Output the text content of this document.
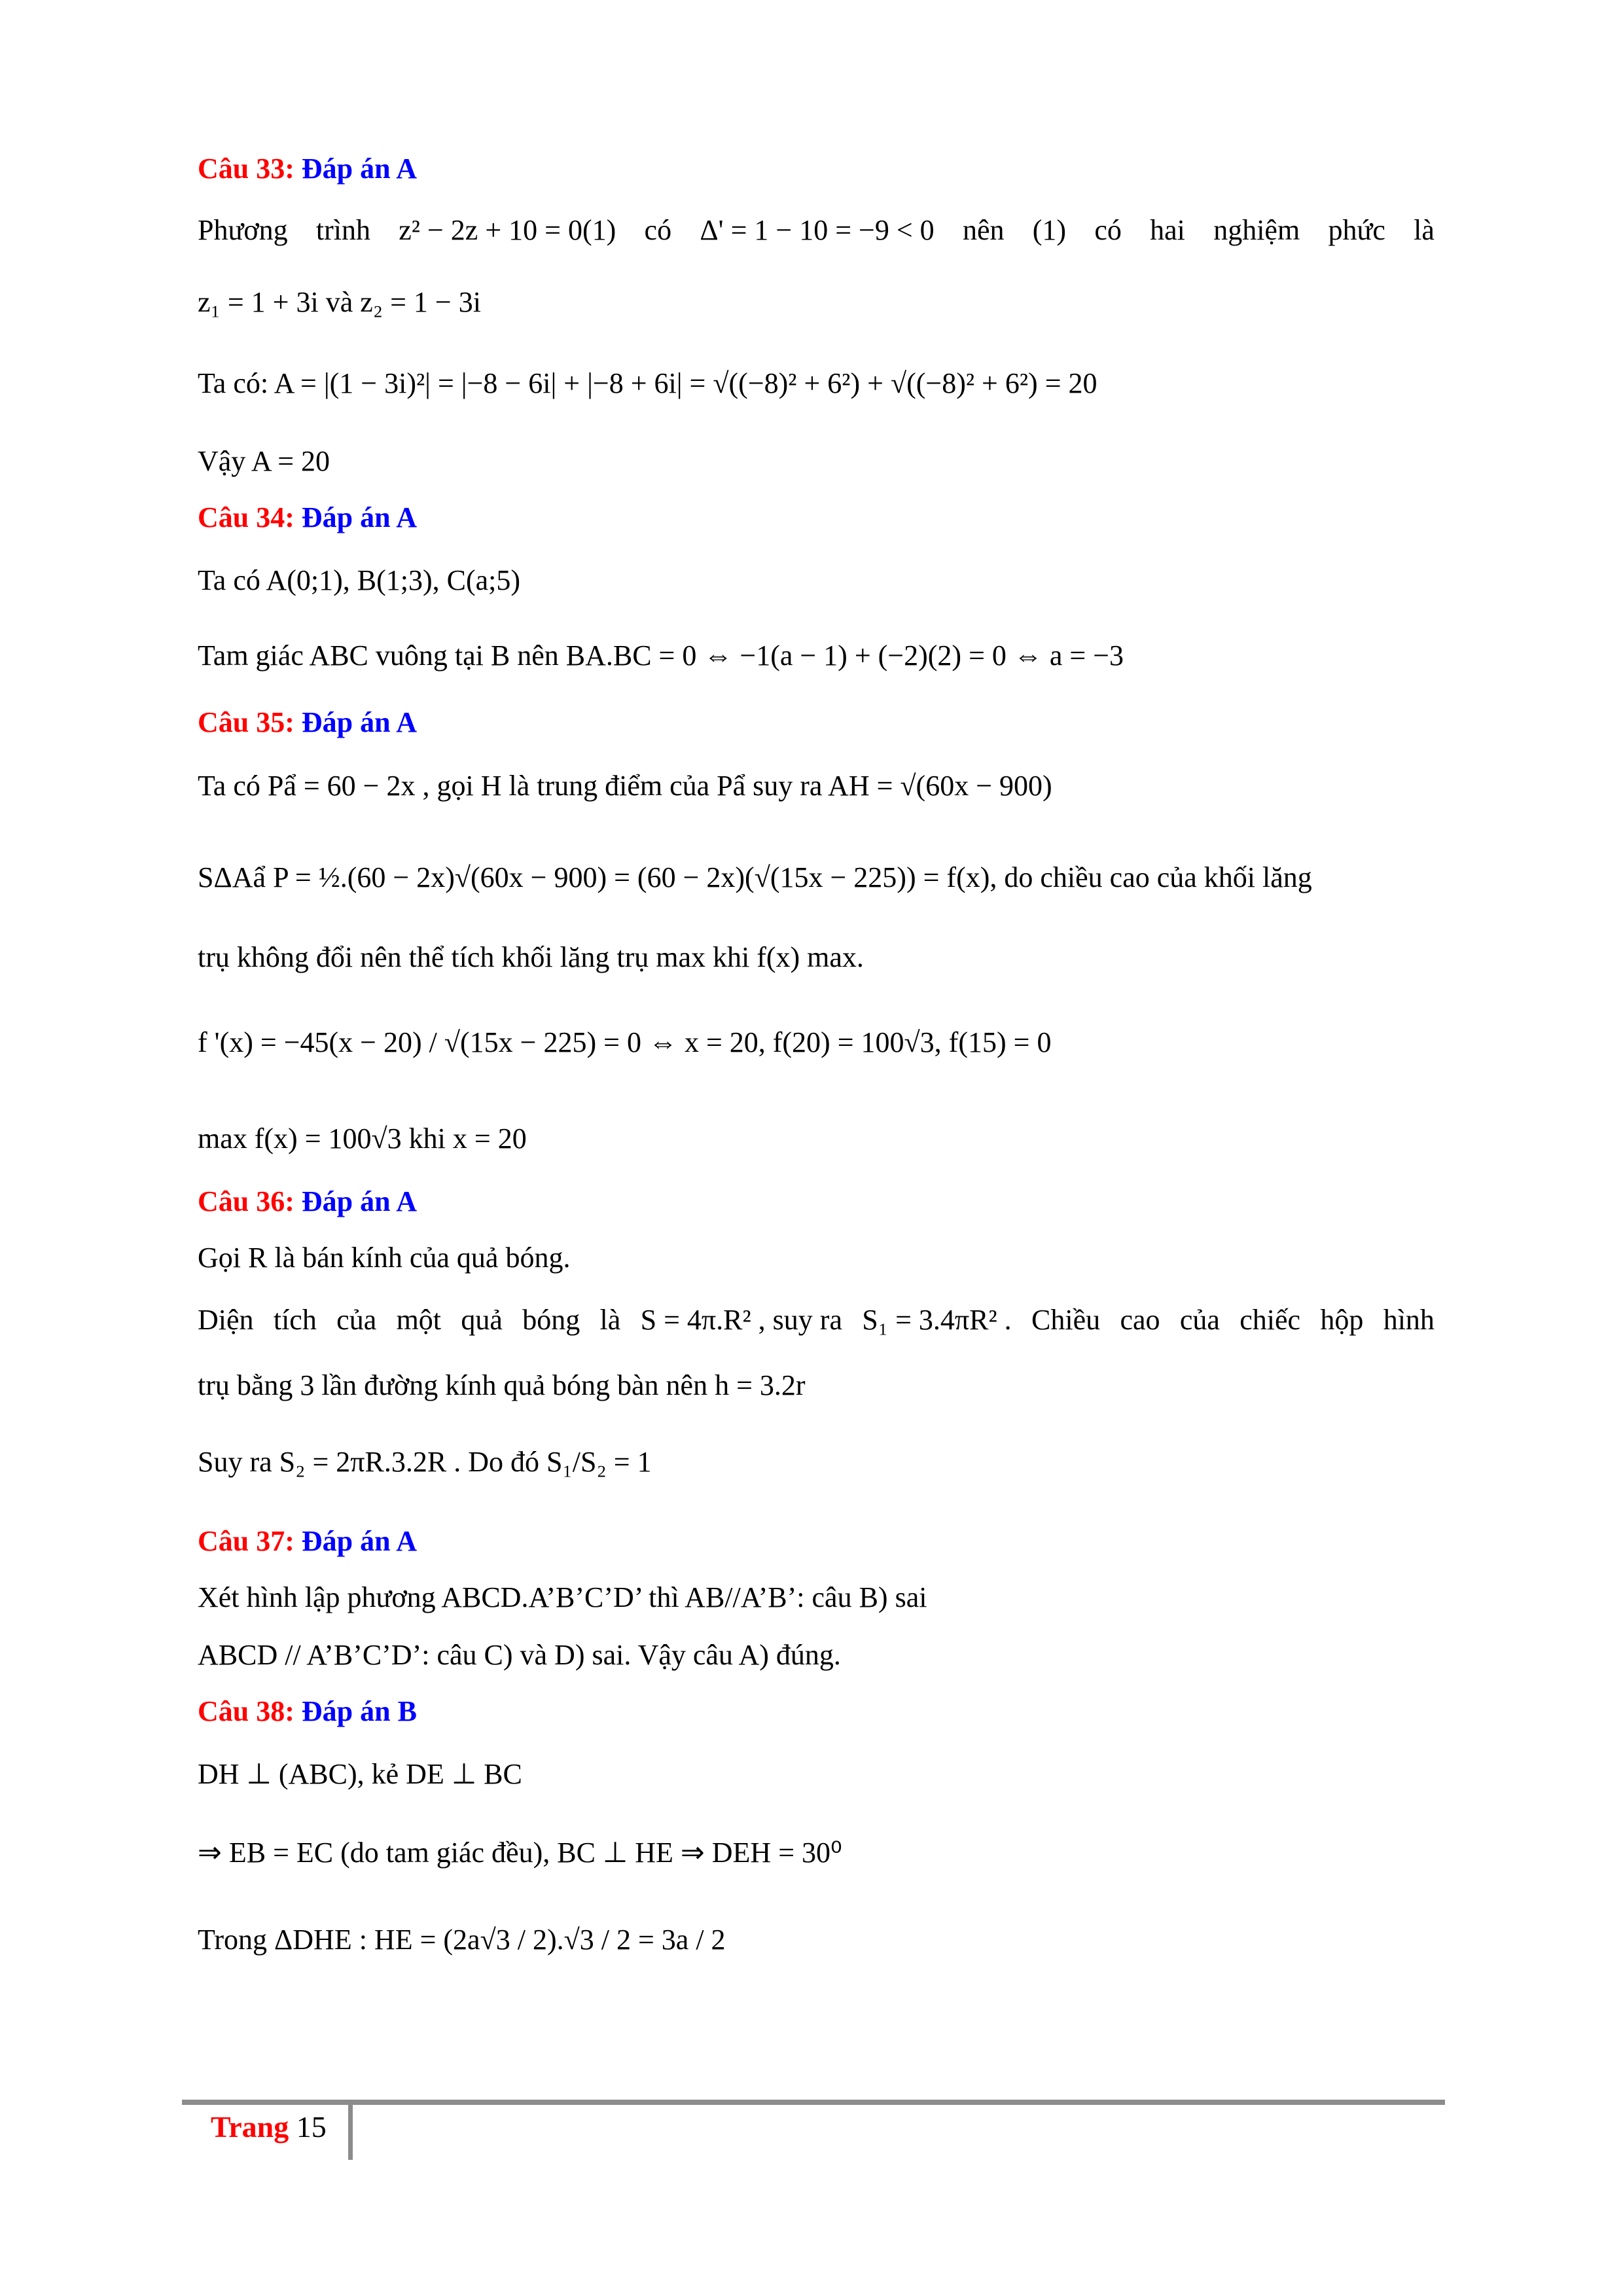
Câu 33: Đáp án A
Phương trình z² − 2z + 10 = 0(1) có Δ' = 1 − 10 = −9 < 0 nên (1) có hai nghiệm phức là
z₁ = 1 + 3i và z₂ = 1 − 3i
Ta có: A = |(1 − 3i)²| = |−8 − 6i| + |−8 + 6i| = √((−8)² + 6²) + √((−8)² + 6²) = 20
Vậy A = 20
Câu 34: Đáp án A
Ta có A(0;1), B(1;3), C(a;5)
Tam giác ABC vuông tại B nên BA.BC = 0 ⇔ −1(a − 1) + (−2)(2) = 0 ⇔ a = −3
Câu 35: Đáp án A
Ta có Pẩ = 60 − 2x , gọi H là trung điểm của Pẩ suy ra AH = √(60x − 900)
SΔAẩ P = ½.(60 − 2x)√(60x − 900) = (60 − 2x)(√(15x − 225)) = f(x), do chiều cao của khối lăng
trụ không đổi nên thể tích khối lăng trụ max khi f(x) max.
f '(x) = −45(x − 20) / √(15x − 225) = 0 ⇔ x = 20, f(20) = 100√3, f(15) = 0
max f(x) = 100√3 khi x = 20
Câu 36: Đáp án A
Gọi R là bán kính của quả bóng.
Diện tích của một quả bóng là S = 4π.R² , suy ra S₁ = 3.4πR² . Chiều cao của chiếc hộp hình
trụ bằng 3 lần đường kính quả bóng bàn nên h = 3.2r
Suy ra S₂ = 2πR.3.2R . Do đó S₁/S₂ = 1
Câu 37: Đáp án A
Xét hình lập phương ABCD.A’B’C’D’ thì AB//A’B’: câu B) sai
ABCD // A’B’C’D’: câu C) và D) sai. Vậy câu A) đúng.
Câu 38: Đáp án B
DH ⊥ (ABC), kẻ DE ⊥ BC
⇒ EB = EC (do tam giác đều), BC ⊥ HE ⇒ DEH = 30⁰
Trong ΔDHE : HE = (2a√3 / 2).√3 / 2 = 3a / 2
Trang 15
